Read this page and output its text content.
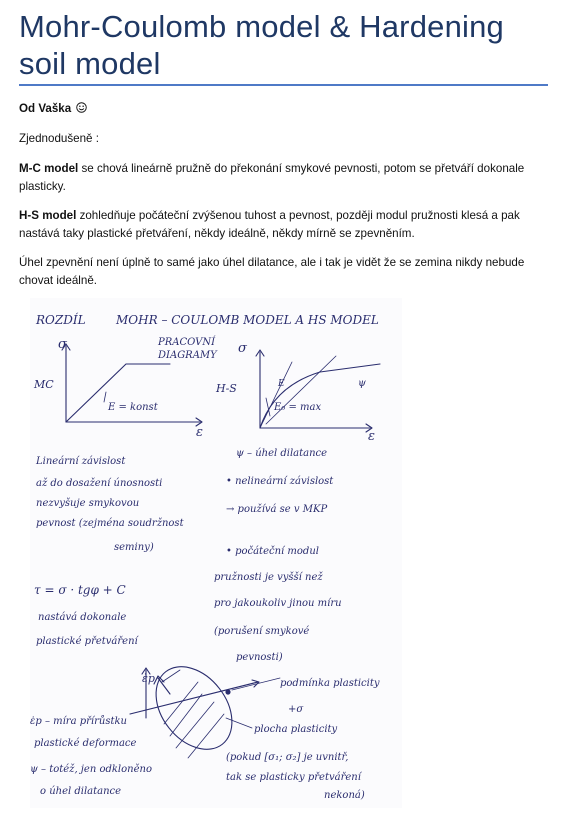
Mohr-Coulomb model & Hardening soil model
Od Vaška
Zjednodušeně :
M-C model se chová lineárně pružně do překonání smykové pevnosti, potom se přetváří dokonale plasticky.
H-S model zohledňuje počáteční zvýšenou tuhost a pevnost, později modul pružnosti klesá a pak nastává taky plastické přetváření, někdy ideálně, někdy mírně se zpevněním.
Úhel zpevnění není úplně to samé jako úhel dilatance, ale i tak je vidět že se zemina nikdy nebude chovat ideálně.
ROZDÍL	MOHR – COULOMB MODEL A HS MODEL
PRACOVNÍ
DIAGRAMY
σ
MC
E = konst
ε
σ
H-S	E	ψ
E₀ = max
ε
Lineární závislost
až do dosažení únosnosti
nezvyšuje smykovou
pevnost (zejména soudržnost
seminy)
ψ – úhel dilatance
• nelineární závislost
→ používá se v MKP
• počáteční modul
pružnosti je vyšší než
pro jakoukoliv jinou míru
(porušení smykové
pevnosti)
τ = σ · tgφ + C
nastává dokonale
plastické přetváření
ε̇p	podmínka plasticity
+σ
plocha plasticity
(pokud [σ₁; σ₂] je uvnitř,
tak se plasticky přetváření
nekoná)
ε̇p – míra přírůstku
plastické deformace
ψ – totéž, jen odkloněno
o úhel dilatance
